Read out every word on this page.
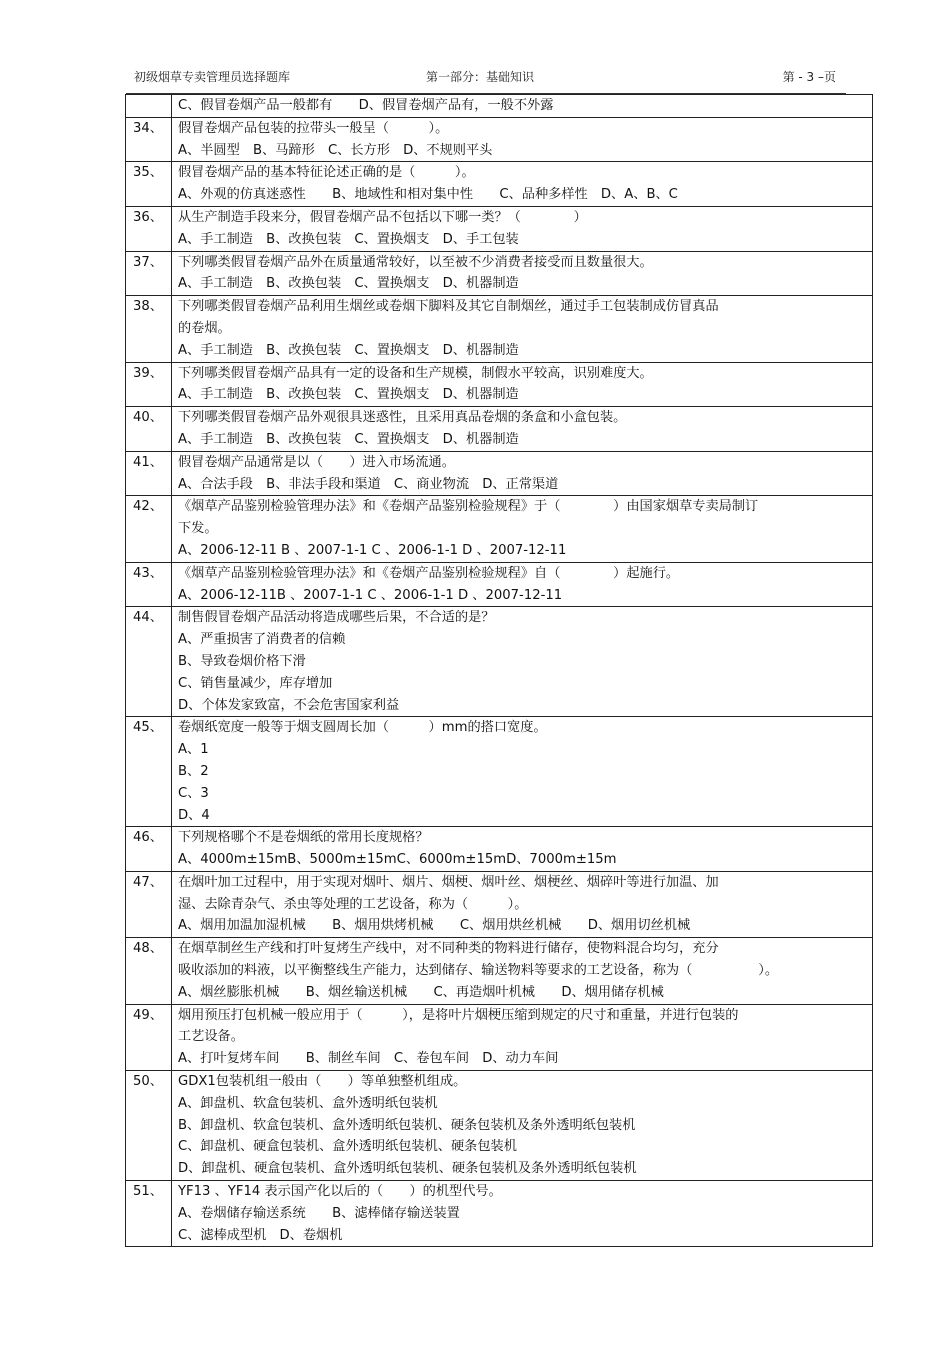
初级烟草专卖管理员选择题库	第一部分：基础知识	第 - 3 –页

	C、假冒卷烟产品一般都有　　D、假冒卷烟产品有，一般不外露

34、	假冒卷烟产品包装的拉带头一般呈（　　　）。
A、半圆型　B、马蹄形　C、长方形　D、不规则平头

35、	假冒卷烟产品的基本特征论述正确的是（　　　）。
A、外观的仿真迷惑性　　B、地域性和相对集中性　　C、品种多样性　D、A、B、C

36、	从生产制造手段来分，假冒卷烟产品不包括以下哪一类？（　　　　）
A、手工制造　B、改换包装　C、置换烟支　D、手工包装

37、	下列哪类假冒卷烟产品外在质量通常较好，以至被不少消费者接受而且数量很大。
A、手工制造　B、改换包装　C、置换烟支　D、机器制造

38、	下列哪类假冒卷烟产品利用生烟丝或卷烟下脚料及其它自制烟丝，通过手工包装制成仿冒真品
的卷烟。
A、手工制造　B、改换包装　C、置换烟支　D、机器制造

39、	下列哪类假冒卷烟产品具有一定的设备和生产规模，制假水平较高，识别难度大。
A、手工制造　B、改换包装　C、置换烟支　D、机器制造

40、	下列哪类假冒卷烟产品外观很具迷惑性，且采用真品卷烟的条盒和小盒包装。
A、手工制造　B、改换包装　C、置换烟支　D、机器制造

41、	假冒卷烟产品通常是以（　　）进入市场流通。
A、合法手段　B、非法手段和渠道　C、商业物流　D、正常渠道

42、	《烟草产品鉴别检验管理办法》和《卷烟产品鉴别检验规程》于（　　　　）由国家烟草专卖局制订
下发。
A、2006-12-11 B 、2007-1-1 C 、2006-1-1 D 、2007-12-11

43、	《烟草产品鉴别检验管理办法》和《卷烟产品鉴别检验规程》自（　　　　）起施行。
A、2006-12-11B 、2007-1-1 C 、2006-1-1 D 、2007-12-11

44、	制售假冒卷烟产品活动将造成哪些后果，不合适的是？
A、严重损害了消费者的信赖
B、导致卷烟价格下滑
C、销售量减少，库存增加
D、个体发家致富，不会危害国家利益

45、	卷烟纸宽度一般等于烟支圆周长加（　　　）mm的搭口宽度。
A、1
B、2
C、3
D、4

46、	下列规格哪个不是卷烟纸的常用长度规格？
A、4000m±15mB、5000m±15mC、6000m±15mD、7000m±15m

47、	在烟叶加工过程中，用于实现对烟叶、烟片、烟梗、烟叶丝、烟梗丝、烟碎叶等进行加温、加
湿、去除青杂气、杀虫等处理的工艺设备，称为（　　　）。
A、烟用加温加湿机械　　B、烟用烘烤机械　　C、烟用烘丝机械　　D、烟用切丝机械

48、	在烟草制丝生产线和打叶复烤生产线中，对不同种类的物料进行储存，使物料混合均匀，充分
吸收添加的料液，以平衡整线生产能力，达到储存、输送物料等要求的工艺设备，称为（　　　　　）。
A、烟丝膨胀机械　　B、烟丝输送机械　　C、再造烟叶机械　　D、烟用储存机械

49、	烟用预压打包机械一般应用于（　　　），是将叶片烟梗压缩到规定的尺寸和重量，并进行包装的
工艺设备。
A、打叶复烤车间　　B、制丝车间　C、卷包车间　D、动力车间

50、	GDX1包装机组一般由（　　）等单独整机组成。
A、卸盘机、软盒包装机、盒外透明纸包装机
B、卸盘机、软盒包装机、盒外透明纸包装机、硬条包装机及条外透明纸包装机
C、卸盘机、硬盒包装机、盒外透明纸包装机、硬条包装机
D、卸盘机、硬盒包装机、盒外透明纸包装机、硬条包装机及条外透明纸包装机

51、	YF13 、YF14 表示国产化以后的（　　）的机型代号。
A、卷烟储存输送系统　　B、滤棒储存输送装置
C、滤棒成型机　D、卷烟机
